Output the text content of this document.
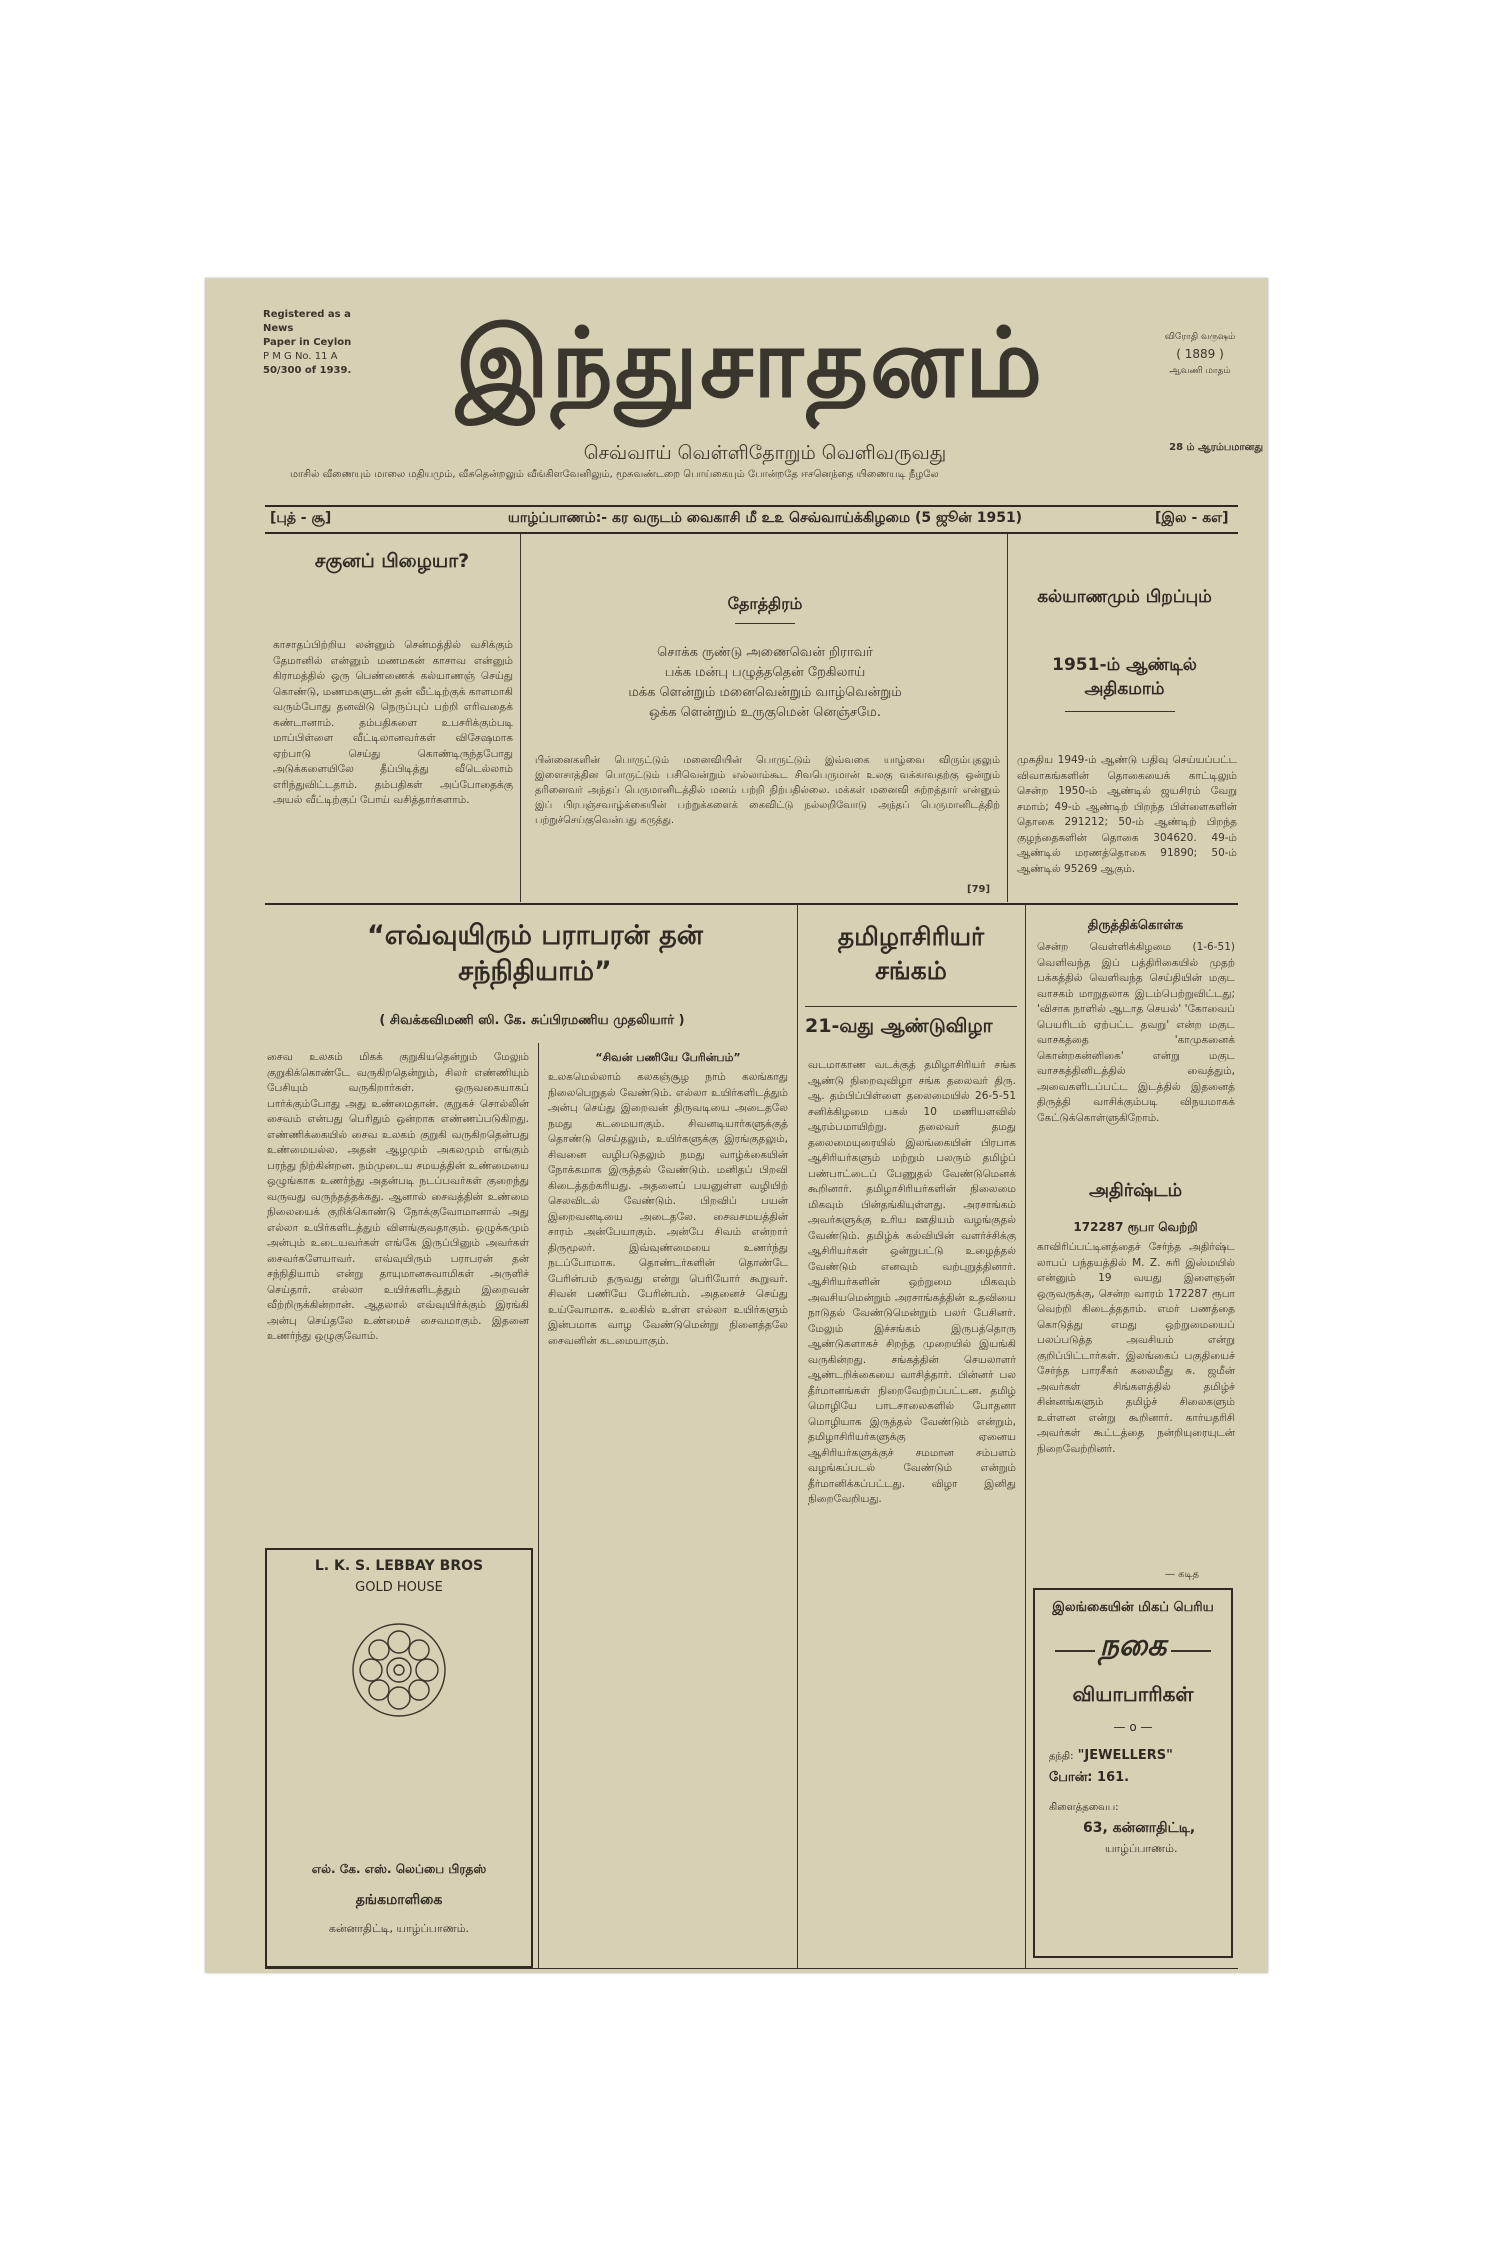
Registered as a News
Paper in Ceylon
P M G No. 11 A
50/300 of 1939.	இந்துசாதனம்	விரோதி வருஷம்
( 1889 )
ஆவணி மாதம்
28 ம் ஆரம்பமானது
செவ்வாய் வெள்ளிதோறும் வெளிவருவது
மாசில் வீணையும் மாலை மதியமும், வீசுதென்றலும் வீங்கிளவேனிலும், மூசுவண்டறை பொய்கையும் போன்றதே ஈசனெந்தை யிணையடி நீழலே
[புத் - சூ]	யாழ்ப்பாணம்:- கர வருடம் வைகாசி மீ உ௨ செவ்வாய்க்கிழமை (5 ஜூன் 1951)	[இல - கஎ]
சகுனப் பிழையா?
காசாதப்பிற்றிய லன்னும் சென்மத்தில் வசிக்கும் தேமானில் என்னும் மணமகன் காசாவ என்னும் கிராமத்தில் ஒரு பெண்ணைக் கல்யாணஞ் செய்து கொண்டு, மணமகளுடன் தன் வீட்டிற்குக் காளமாகி வரும்போது தனவிடு நெருப்புப் பற்றி எரிவதைக் கண்டானாம். தம்பதிகளை உபசரிக்கும்படி மாப்பிள்ளை வீட்டிலானவர்கள் விசேஷமாக ஏற்பாடு செய்து கொண்டிருந்தபோது அடுக்களையிலே தீப்பிடித்து வீடெல்லாம் எரிந்துவிட்டதாம். தம்பதிகள் அப்போதைக்கு அயல் வீட்டிற்குப் போய் வசித்தார்களாம்.
தோத்திரம்
சொக்க ருண்டு அணைவென் றிராவர்
பக்க மன்பு பழுத்ததென் றேகிலாய்
மக்க ளென்றும் மனைவென்றும் வாழ்வென்றும்
ஒக்க ளென்றும் உருகுமென் னெஞ்சமே.
பின்னைகளின் பொருட்டும் மனைவியின் பொருட்டும் இவ்வகை யாழ்வை விரும்புதலும் இளைசாத்தின பொருட்டும் பசிவென்றும் எல்லாம்கூட சிவபெருமான் உலகு வக்காவதற்கு ஒன்றும் தரினைவர் அந்தப் பெருமானிடத்தில் மனம் பற்றி நிற்பதில்லை. மக்கள் மனைவி சுற்றத்தார் என்னும் இப் பிரபஞ்சவாழ்க்கையின் பற்றுக்களைக் கைவிட்டு நல்லறிவோடு அந்தப் பெருமானிடத்திற் பற்றுச்செய்குவென்பது கருத்து.
[79]
கல்யாணமும் பிறப்பும்
1951-ம் ஆண்டில் அதிகமாம்
முசுதிய 1949-ம் ஆண்டு பதிவு செய்யப்பட்ட விவாகங்களின் தொகையைக் காட்டிலும் சென்ற 1950-ம் ஆண்டில் ஜயசிரம் வேறு சமாம்; 49-ம் ஆண்டிற் பிறந்த பிள்ளைகளின் தொகை 291212; 50-ம் ஆண்டிற் பிறந்த குழந்தைகளின் தொகை 304620. 49-ம் ஆண்டில் மரணத்தொகை 91890; 50-ம் ஆண்டில் 95269 ஆகும்.
“எவ்வுயிரும் பராபரன் தன் சந்நிதியாம்”
( சிவக்கவிமணி ஸி. கே. சுப்பிரமணிய முதலியார் )
சைவ உலகம் மிகக் குறுகியதென்றும் மேலும் குறுகிக்கொண்டே வருகிறதென்றும், சிலர் எண்ணியும் பேசியும் வருகிறார்கள். ஒருவகையாகப் பார்க்கும்போது அது உண்மைதான். குறுகச் சொல்லின் சைவம் என்பது பெரிதும் ஒன்றாக எண்ணப்படுகிறது. எண்ணிக்கையில் சைவ உலகம் குறுகி வருகிறதென்பது உண்மையல்ல. அதன் ஆழமும் அகலமும் எங்கும் பரந்து நிற்கின்றன. நம்முடைய சமயத்தின் உண்மையை ஒழுங்காக உணர்ந்து அதன்படி நடப்பவர்கள் குறைந்து வருவது வருந்தத்தக்கது. ஆனால் சைவத்தின் உண்மை நிலையைக் குறிக்கொண்டு நோக்குவோமானால் அது எல்லா உயிர்களிடத்தும் விளங்குவதாகும். ஒழுக்கமும் அன்பும் உடையவர்கள் எங்கே இருப்பினும் அவர்கள் சைவர்களேயாவர். எவ்வுயிரும் பராபரன் தன் சந்நிதியாம் என்று தாயுமானசுவாமிகள் அருளிச் செய்தார். எல்லா உயிர்களிடத்தும் இறைவன் வீற்றிருக்கின்றான். ஆதலால் எவ்வுயிர்க்கும் இரங்கி அன்பு செய்தலே உண்மைச் சைவமாகும். இதனை உணர்ந்து ஒழுகுவோம்.
“சிவன் பணியே பேரின்பம்”
உலகமெல்லாம் கலகஞ்சூழ நாம் கலங்காது நிலைபெறுதல் வேண்டும். எல்லா உயிர்களிடத்தும் அன்பு செய்து இறைவன் திருவடியை அடைதலே நமது கடமையாகும். சிவனடியார்களுக்குத் தொண்டு செய்தலும், உயிர்களுக்கு இரங்குதலும், சிவனை வழிபடுதலும் நமது வாழ்க்கையின் நோக்கமாக இருத்தல் வேண்டும். மனிதப் பிறவி கிடைத்தற்கரியது. அதனைப் பயனுள்ள வழியிற் செலவிடல் வேண்டும். பிறவிப் பயன் இறைவனடியை அடைதலே. சைவசமயத்தின் சாரம் அன்பேயாகும். அன்பே சிவம் என்றார் திருமூலர். இவ்வுண்மையை உணர்ந்து நடப்போமாக. தொண்டர்களின் தொண்டே பேரின்பம் தருவது என்று பெரியோர் கூறுவர். சிவன் பணியே பேரின்பம். அதனைச் செய்து உய்வோமாக. உலகில் உள்ள எல்லா உயிர்களும் இன்பமாக வாழ வேண்டுமென்று நினைத்தலே சைவனின் கடமையாகும்.
L. K. S. LEBBAY BROS
GOLD HOUSE
எல். கே. எஸ். லெப்பை பிரதஸ்
தங்கமாளிகை
கன்னாதிட்டி, யாழ்ப்பாணம்.
தமிழாசிரியர் சங்கம்
21-வது ஆண்டுவிழா
வடமாகாண வடக்குத் தமிழாசிரியர் சங்க ஆண்டு நிறைவுவிழா சங்க தலைவர் திரு. ஆ. தம்பிப்பிள்ளை தலைமையில் 26-5-51 சனிக்கிழமை பகல் 10 மணியளவில் ஆரம்பமாயிற்று. தலைவர் தமது தலைமையுரையில் இலங்கையின் பிரபாக ஆசிரியர்களும் மற்றும் பலரும் தமிழ்ப் பண்பாட்டைப் பேணுதல் வேண்டுமெனக் கூறினார். தமிழாசிரியர்களின் நிலைமை மிகவும் பின்தங்கியுள்ளது. அரசாங்கம் அவர்களுக்கு உரிய ஊதியம் வழங்குதல் வேண்டும். தமிழ்க் கல்வியின் வளர்ச்சிக்கு ஆசிரியர்கள் ஒன்றுபட்டு உழைத்தல் வேண்டும் எனவும் வற்புறுத்தினார். ஆசிரியர்களின் ஒற்றுமை மிகவும் அவசியமென்றும் அரசாங்கத்தின் உதவியை நாடுதல் வேண்டுமென்றும் பலர் பேசினர். மேலும் இச்சங்கம் இருபத்தொரு ஆண்டுகளாகச் சிறந்த முறையில் இயங்கி வருகின்றது. சங்கத்தின் செயலாளர் ஆண்டறிக்கையை வாசித்தார். பின்னர் பல தீர்மானங்கள் நிறைவேற்றப்பட்டன. தமிழ் மொழியே பாடசாலைகளில் போதனா மொழியாக இருத்தல் வேண்டும் என்றும், தமிழாசிரியர்களுக்கு ஏனைய ஆசிரியர்களுக்குச் சமமான சம்பளம் வழங்கப்படல் வேண்டும் என்றும் தீர்மானிக்கப்பட்டது. விழா இனிது நிறைவேறியது.
திருத்திக்கொள்க
சென்ற வெள்ளிக்கிழமை (1-6-51) வெளிவந்த இப் பத்திரிகையில் முதற் பக்கத்தில் வெளிவந்த செய்தியின் மகுட வாசகம் மாறுதலாக இடம்பெற்றுவிட்டது; 'விசாக நாளில் ஆடாத செயல்' 'கோவைப் பெயரிடம் ஏற்பட்ட தவறு' என்ற மகுட வாசகத்தை 'காமுகனைக் கொன்றகன்னிகை' என்று மகுட வாசகத்தினிடத்தில் வைத்தும், அவைகளிடப்பட்ட இடத்தில் இதனைத் திருத்தி வாசிக்கும்படி விநயமாகக் கேட்டுக்கொள்ளுகிறோம்.
அதிர்ஷ்டம்
172287 ரூபா வெற்றி
காவிரிப்பட்டினத்தைச் சேர்ந்த அதிர்ஷ்ட லாபப் பந்தயத்தில் M. Z. சுரி இஸ்மயில் என்னும் 19 வயது இளைஞன் ஒருவருக்கு, சென்ற வாரம் 172287 ரூபா வெற்றி கிடைத்ததாம். எமர் பணத்தை கொடுத்து எமது ஒற்றுமையைப் பலப்படுத்த அவசியம் என்று குறிப்பிட்டார்கள். இலங்கைப் பகுதியைச் சேர்ந்த பாரசீகர் கலைமீது சு. ஜமீன் அவர்கள் சிங்களத்தில் தமிழ்ச் சின்னங்களும் தமிழ்ச் சிலைகளும் உள்ளன என்று கூறினார். கார்யதரிசி அவர்கள் கூட்டத்தை நன்றியுரையுடன் நிறைவேற்றினர்.
— கடித
இலங்கையின் மிகப் பெரிய
நகை
வியாபாரிகள்
— o —
தந்தி: "JEWELLERS"
போன்: 161.
கிளைத்தவைப:
63, கன்னாதிட்டி,
யாழ்ப்பாணம்.
